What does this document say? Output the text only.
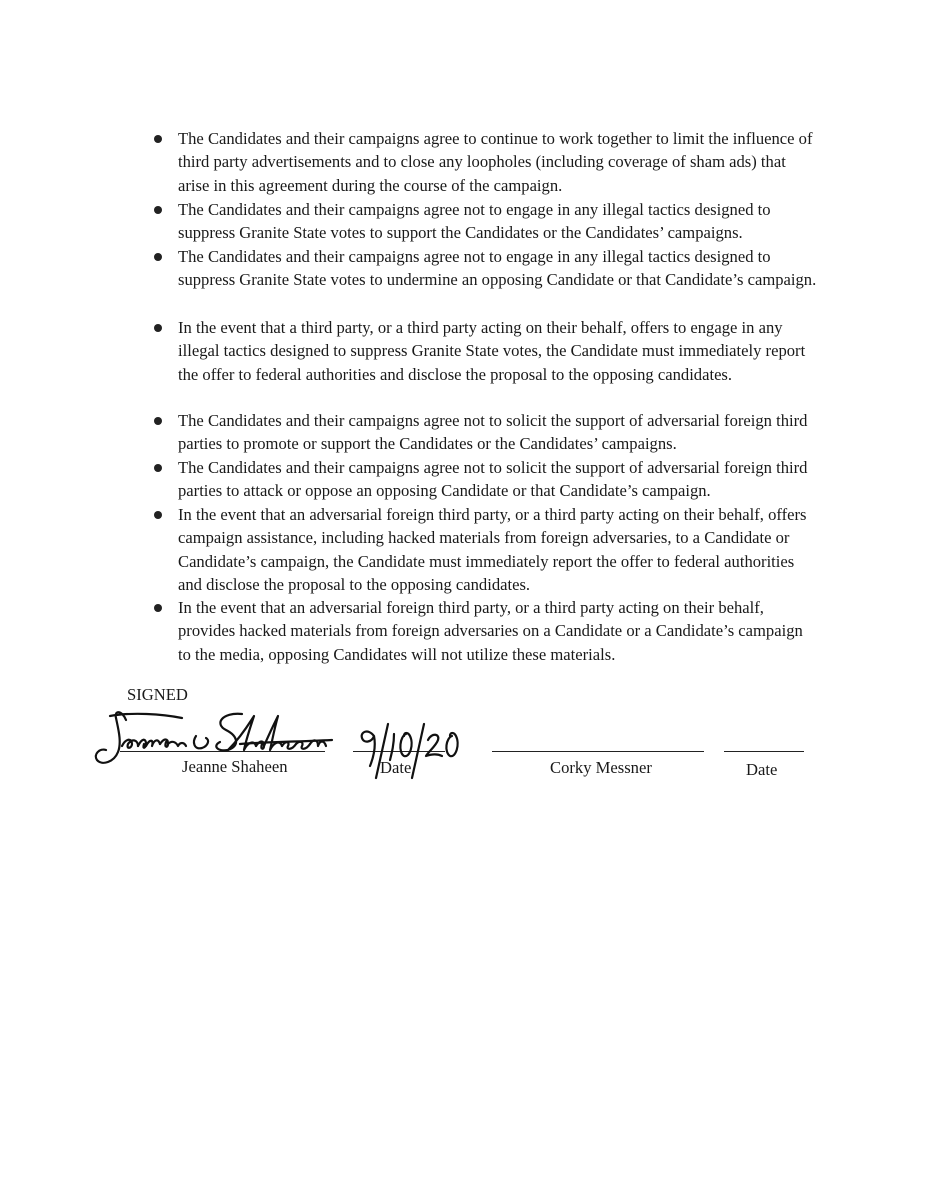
The Candidates and their campaigns agree to continue to work together to limit the influence of third party advertisements and to close any loopholes (including coverage of sham ads) that arise in this agreement during the course of the campaign.
The Candidates and their campaigns agree not to engage in any illegal tactics designed to suppress Granite State votes to support the Candidates or the Candidates’ campaigns.
The Candidates and their campaigns agree not to engage in any illegal tactics designed to suppress Granite State votes to undermine an opposing Candidate or that Candidate’s campaign.
In the event that a third party, or a third party acting on their behalf, offers to engage in any illegal tactics designed to suppress Granite State votes, the Candidate must immediately report the offer to federal authorities and disclose the proposal to the opposing candidates.
The Candidates and their campaigns agree not to solicit the support of adversarial foreign third parties to promote or support the Candidates or the Candidates’ campaigns.
The Candidates and their campaigns agree not to solicit the support of adversarial foreign third parties to attack or oppose an opposing Candidate or that Candidate’s campaign.
In the event that an adversarial foreign third party, or a third party acting on their behalf, offers campaign assistance, including hacked materials from foreign adversaries, to a Candidate or Candidate’s campaign, the Candidate must immediately report the offer to federal authorities and disclose the proposal to the opposing candidates.
In the event that an adversarial foreign third party, or a third party acting on their behalf, provides hacked materials from foreign adversaries on a Candidate or a Candidate’s campaign to the media, opposing Candidates will not utilize these materials.
SIGNED
Jeanne Shaheen	Date	Corky Messner	Date
